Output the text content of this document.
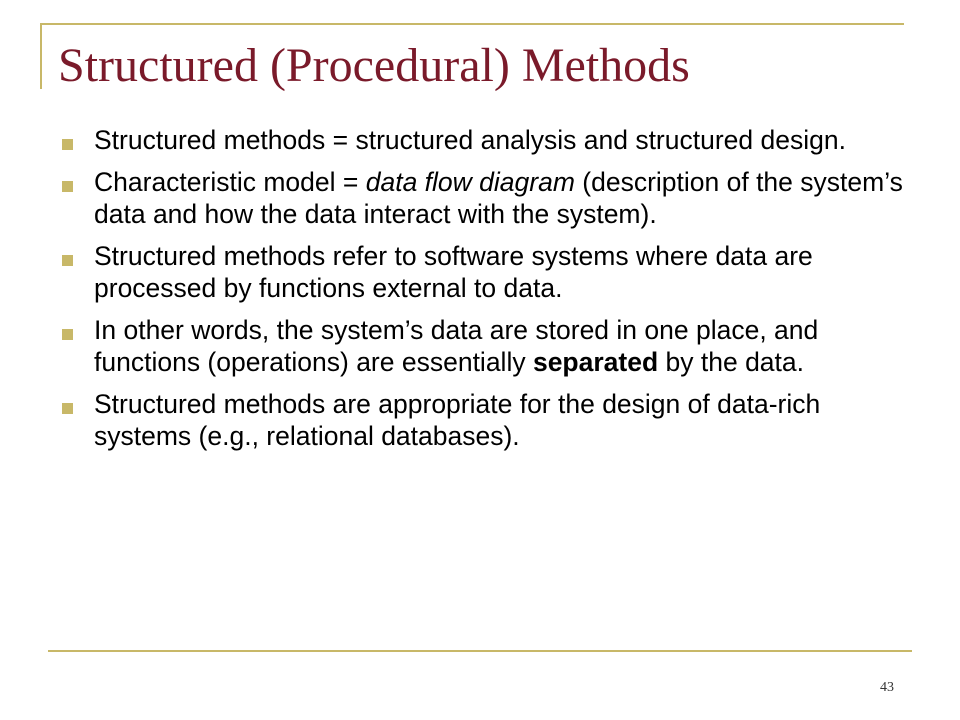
Structured (Procedural) Methods
Structured methods = structured analysis and structured design.
Characteristic model = data flow diagram (description of the system’s data and how the data interact with the system).
Structured methods refer to software systems where data are processed by functions external to data.
In other words, the system’s data are stored in one place, and functions (operations) are essentially separated by the data.
Structured methods are appropriate for the design of data-rich systems (e.g., relational databases).
43
